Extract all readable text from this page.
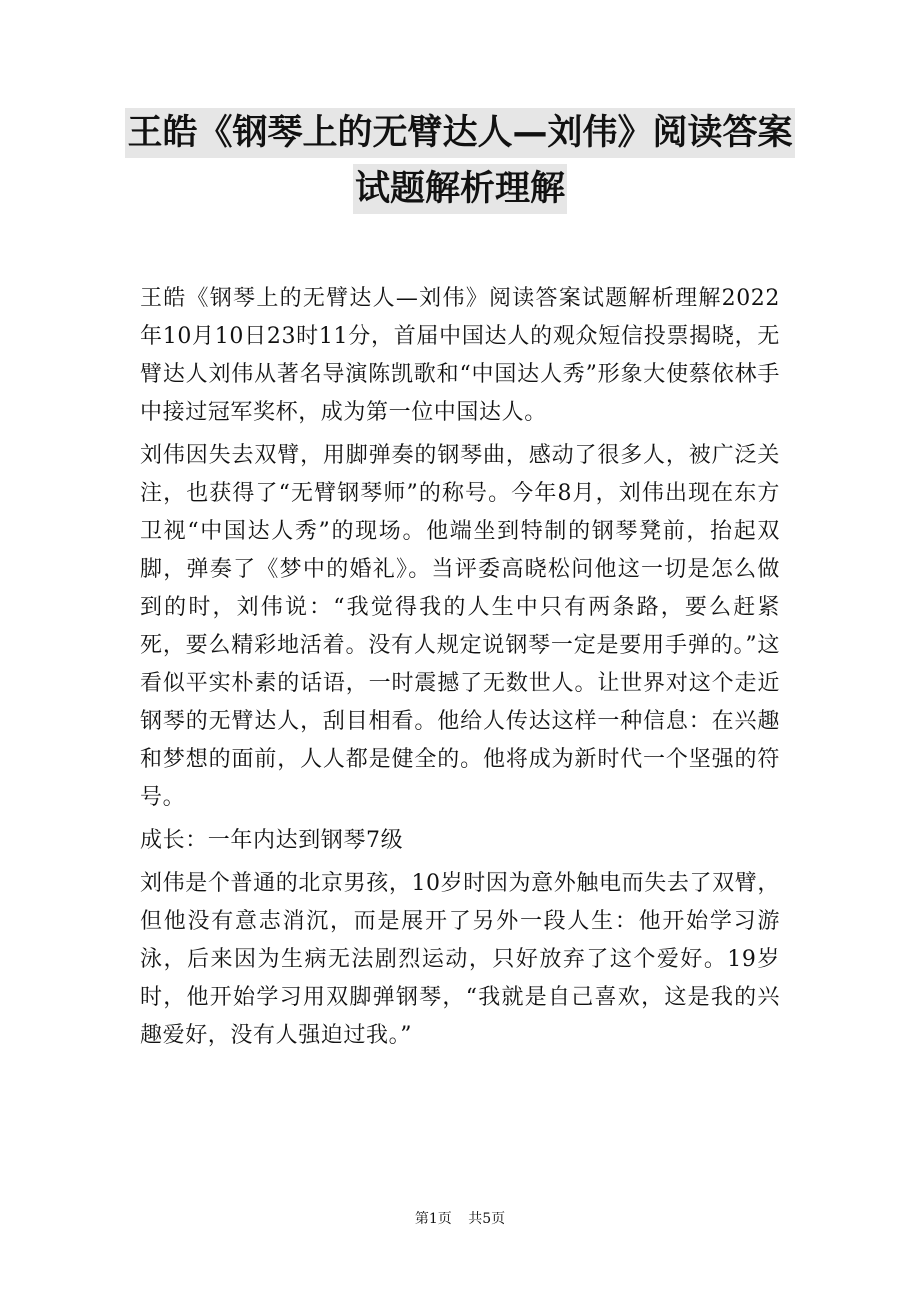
王皓《钢琴上的无臂达人—刘伟》阅读答案
试题解析理解

王皓《钢琴上的无臂达人—刘伟》阅读答案试题解析理解2022年10月10日23时11分，首届中国达人的观众短信投票揭晓，无臂达人刘伟从著名导演陈凯歌和“中国达人秀”形象大使蔡依林手中接过冠军奖杯，成为第一位中国达人。

刘伟因失去双臂，用脚弹奏的钢琴曲，感动了很多人，被广泛关注，也获得了“无臂钢琴师”的称号。今年8月，刘伟出现在东方卫视“中国达人秀”的现场。他端坐到特制的钢琴凳前，抬起双脚，弹奏了《梦中的婚礼》。当评委高晓松问他这一切是怎么做到的时，刘伟说：“我觉得我的人生中只有两条路，要么赶紧死，要么精彩地活着。没有人规定说钢琴一定是要用手弹的。”这看似平实朴素的话语，一时震撼了无数世人。让世界对这个走近钢琴的无臂达人，刮目相看。他给人传达这样一种信息：在兴趣和梦想的面前，人人都是健全的。他将成为新时代一个坚强的符号。

成长：一年内达到钢琴7级

刘伟是个普通的北京男孩，10岁时因为意外触电而失去了双臂，但他没有意志消沉，而是展开了另外一段人生：他开始学习游泳，后来因为生病无法剧烈运动，只好放弃了这个爱好。19岁时，他开始学习用双脚弹钢琴，“我就是自己喜欢，这是我的兴趣爱好，没有人强迫过我。”

第1页 共5页
